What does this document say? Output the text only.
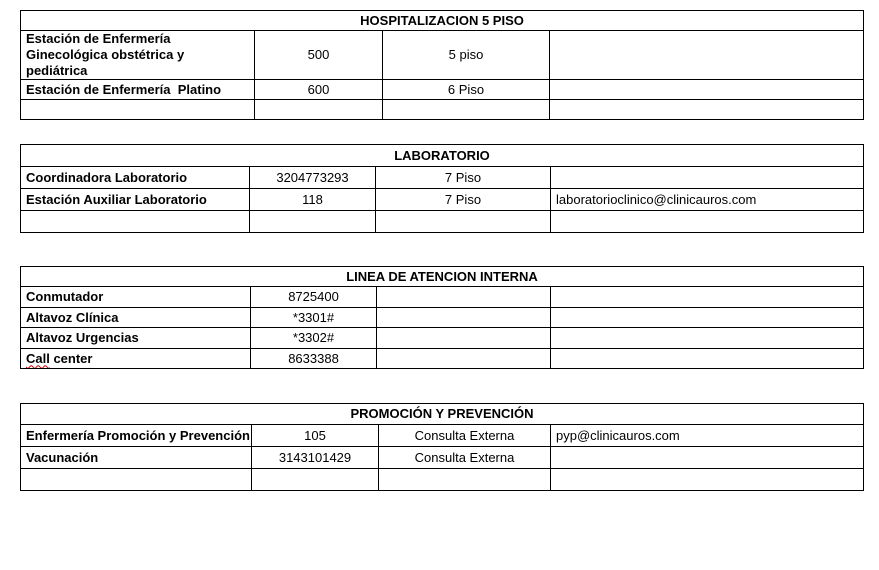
HOSPITALIZACION 5 PISO			
Estación de Enfermería
Ginecológica obstétrica y pediátrica	500	5 piso	
Estación de Enfermería  Platino	600	6 Piso	

LABORATORIO			
Coordinadora Laboratorio	3204773293	7 Piso	
Estación Auxiliar Laboratorio	118	7 Piso	laboratorioclinico@clinicauros.com

LINEA DE ATENCION INTERNA			
Conmutador	8725400		
Altavoz Clínica	*3301#		
Altavoz Urgencias	*3302#		
Call center	8633388		
PROMOCIÓN Y PREVENCIÓN			
Enfermería Promoción y Prevención	105	Consulta Externa	pyp@clinicauros.com
Vacunación	3143101429	Consulta Externa	
